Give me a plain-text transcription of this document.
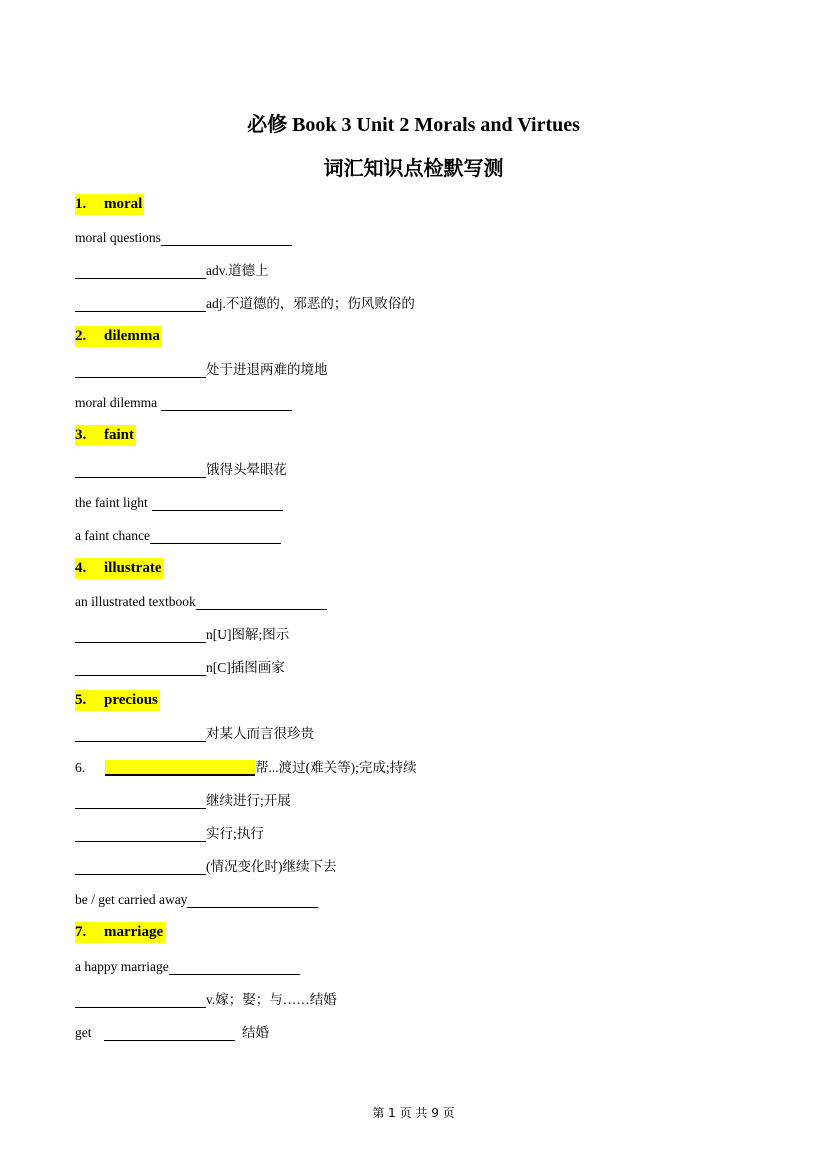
必修 Book 3 Unit 2 Morals and Virtues
词汇知识点检默写测
1. moral
moral questions
adv.道德上
adj.不道德的，邪恶的；伤风败俗的
2. dilemma
处于进退两难的境地
moral dilemma
3. faint
饿得头晕眼花
the faint light
a faint chance
4. illustrate
an illustrated textbook
n[U]图解;图示
n[C]插图画家
5. precious
对某人而言很珍贵
6.	帮...渡过(难关等);完成;持续
继续进行;开展
实行;执行
(情况变化时)继续下去
be / get carried away
7. marriage
a happy marriage
v.嫁；娶；与……结婚
get	结婚
第 1 页 共 9 页
